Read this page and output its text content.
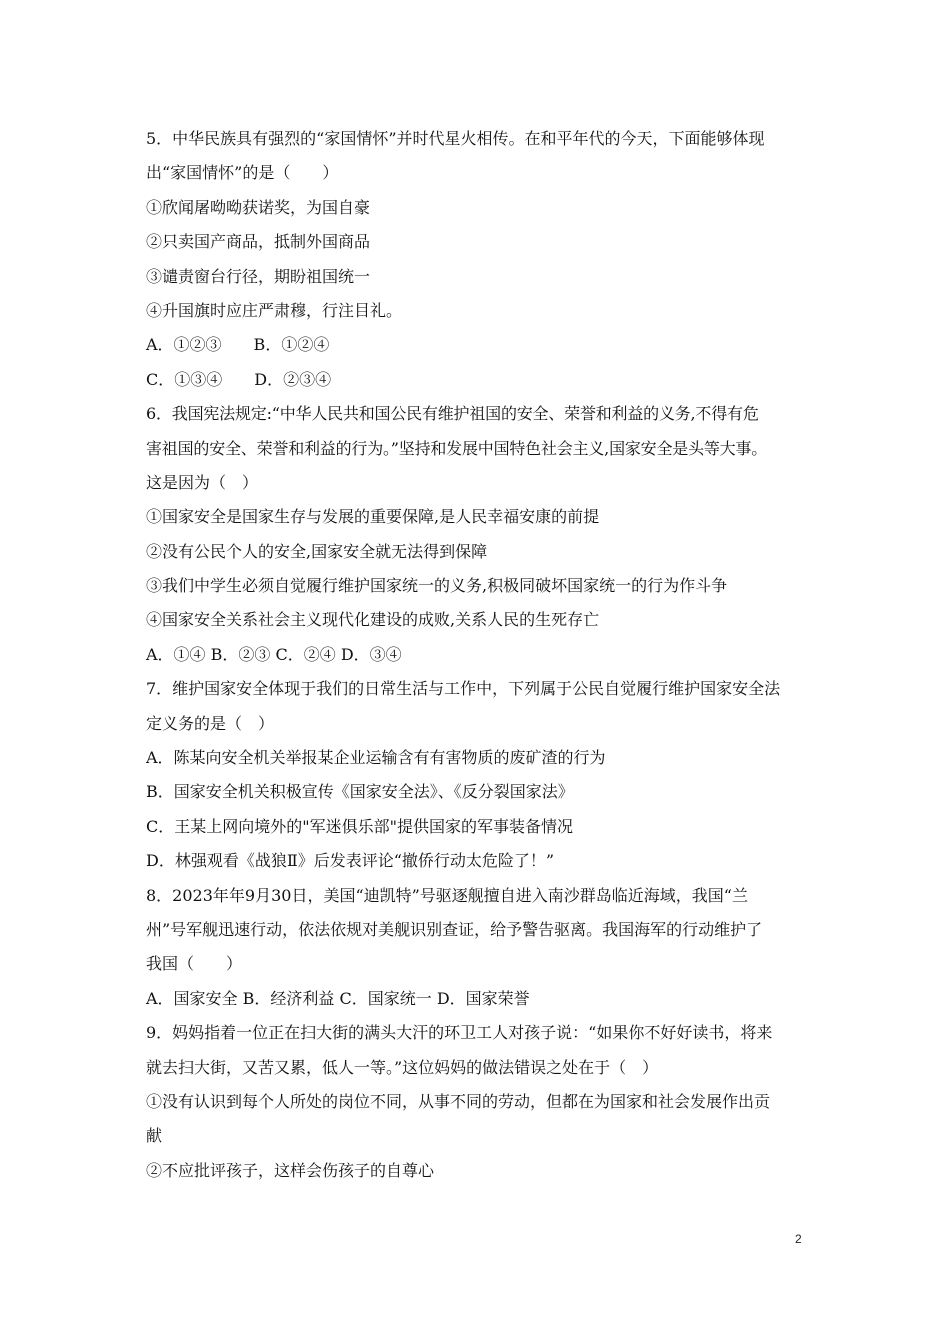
5．中华民族具有强烈的“家国情怀”并时代星火相传。在和平年代的今天，下面能够体现
出“家国情怀”的是（　　）
①欣闻屠呦呦获诺奖，为国自豪
②只卖国产商品，抵制外国商品
③谴责窗台行径，期盼祖国统一
④升国旗时应庄严肃穆，行注目礼。
A．①②③　　B．①②④
C．①③④　　D．②③④
6．我国宪法规定:“中华人民共和国公民有维护祖国的安全、荣誉和利益的义务,不得有危
害祖国的安全、荣誉和利益的行为。”坚持和发展中国特色社会主义,国家安全是头等大事。
这是因为（　）
①国家安全是国家生存与发展的重要保障,是人民幸福安康的前提
②没有公民个人的安全,国家安全就无法得到保障
③我们中学生必须自觉履行维护国家统一的义务,积极同破坏国家统一的行为作斗争
④国家安全关系社会主义现代化建设的成败,关系人民的生死存亡
A．①④ B．②③ C．②④ D．③④
7．维护国家安全体现于我们的日常生活与工作中，下列属于公民自觉履行维护国家安全法
定义务的是（　）
A．陈某向安全机关举报某企业运输含有有害物质的废矿渣的行为
B．国家安全机关积极宣传《国家安全法》、《反分裂国家法》
C．王某上网向境外的"军迷俱乐部"提供国家的军事装备情况
D．林强观看《战狼Ⅱ》后发表评论“撤侨行动太危险了！”
8．2023年年9月30日，美国“迪凯特”号驱逐舰擅自进入南沙群岛临近海域，我国“兰
州”号军舰迅速行动，依法依规对美舰识别查证，给予警告驱离。我国海军的行动维护了
我国（　　）
A．国家安全 B．经济利益 C．国家统一 D．国家荣誉
9．妈妈指着一位正在扫大街的满头大汗的环卫工人对孩子说：“如果你不好好读书，将来
就去扫大街，又苦又累，低人一等。”这位妈妈的做法错误之处在于（　）
①没有认识到每个人所处的岗位不同，从事不同的劳动，但都在为国家和社会发展作出贡
献
②不应批评孩子，这样会伤孩子的自尊心
2
